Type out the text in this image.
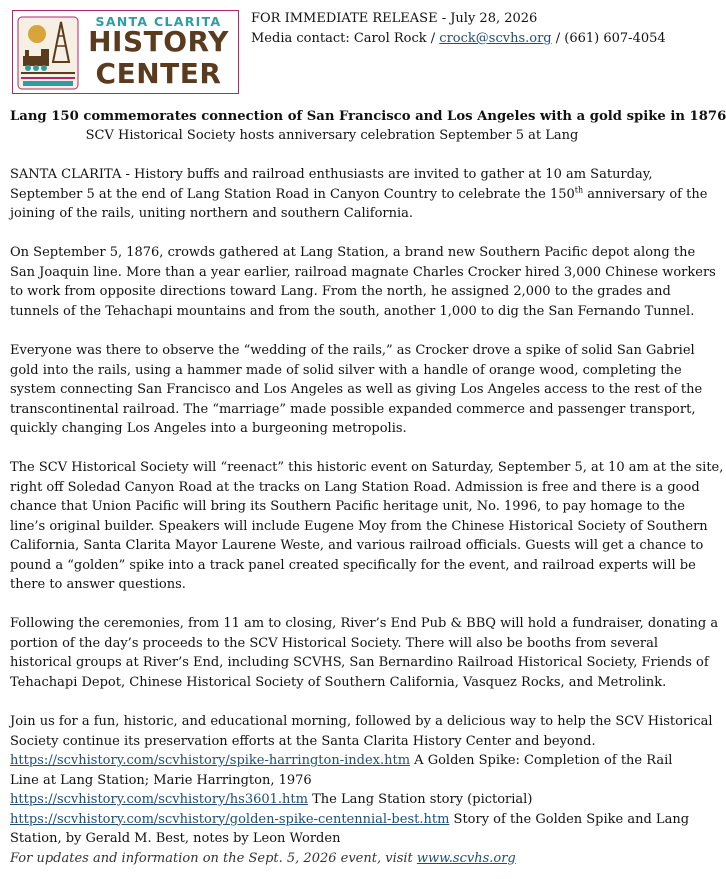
SANTA CLARITA
HISTORY
CENTER
FOR IMMEDIATE RELEASE - July 28, 2026
Media contact: Carol Rock / crock@scvhs.org / (661) 607-4054
Lang 150 commemorates connection of San Francisco and Los Angeles with a gold spike in 1876
SCV Historical Society hosts anniversary celebration September 5 at Lang
SANTA CLARITA - History buffs and railroad enthusiasts are invited to gather at 10 am Saturday,
September 5 at the end of Lang Station Road in Canyon Country to celebrate the 150th anniversary of the
joining of the rails, uniting northern and southern California.
On September 5, 1876, crowds gathered at Lang Station, a brand new Southern Pacific depot along the
San Joaquin line. More than a year earlier, railroad magnate Charles Crocker hired 3,000 Chinese workers
to work from opposite directions toward Lang. From the north, he assigned 2,000 to the grades and
tunnels of the Tehachapi mountains and from the south, another 1,000 to dig the San Fernando Tunnel.
Everyone was there to observe the “wedding of the rails,” as Crocker drove a spike of solid San Gabriel
gold into the rails, using a hammer made of solid silver with a handle of orange wood, completing the
system connecting San Francisco and Los Angeles as well as giving Los Angeles access to the rest of the
transcontinental railroad. The “marriage” made possible expanded commerce and passenger transport,
quickly changing Los Angeles into a burgeoning metropolis.
The SCV Historical Society will “reenact” this historic event on Saturday, September 5, at 10 am at the site,
right off Soledad Canyon Road at the tracks on Lang Station Road. Admission is free and there is a good
chance that Union Pacific will bring its Southern Pacific heritage unit, No. 1996, to pay homage to the
line’s original builder. Speakers will include Eugene Moy from the Chinese Historical Society of Southern
California, Santa Clarita Mayor Laurene Weste, and various railroad officials. Guests will get a chance to
pound a “golden” spike into a track panel created specifically for the event, and railroad experts will be
there to answer questions.
Following the ceremonies, from 11 am to closing, River’s End Pub & BBQ will hold a fundraiser, donating a
portion of the day’s proceeds to the SCV Historical Society. There will also be booths from several
historical groups at River’s End, including SCVHS, San Bernardino Railroad Historical Society, Friends of
Tehachapi Depot, Chinese Historical Society of Southern California, Vasquez Rocks, and Metrolink.
Join us for a fun, historic, and educational morning, followed by a delicious way to help the SCV Historical
Society continue its preservation efforts at the Santa Clarita History Center and beyond.
https://scvhistory.com/scvhistory/spike-harrington-index.htm A Golden Spike: Completion of the Rail
Line at Lang Station; Marie Harrington, 1976
https://scvhistory.com/scvhistory/hs3601.htm The Lang Station story (pictorial)
https://scvhistory.com/scvhistory/golden-spike-centennial-best.htm Story of the Golden Spike and Lang
Station, by Gerald M. Best, notes by Leon Worden
For updates and information on the Sept. 5, 2026 event, visit www.scvhs.org
